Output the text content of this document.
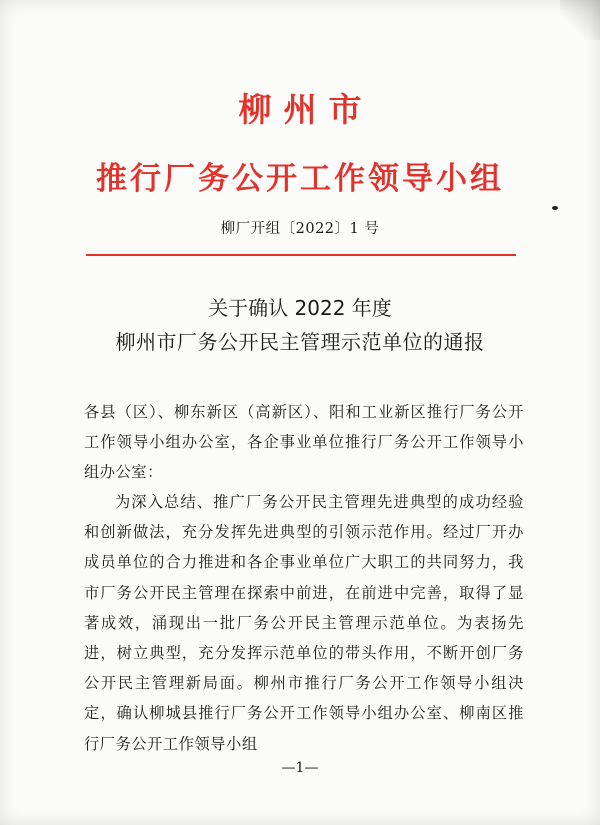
柳州市
推行厂务公开工作领导小组
柳厂开组〔2022〕1 号
关于确认 2022 年度
柳州市厂务公开民主管理示范单位的通报
各县（区）、柳东新区（高新区）、阳和工业新区推行厂务公开工作领导小组办公室，各企事业单位推行厂务公开工作领导小组办公室：
为深入总结、推广厂务公开民主管理先进典型的成功经验和创新做法，充分发挥先进典型的引领示范作用。经过厂开办成员单位的合力推进和各企事业单位广大职工的共同努力，我市厂务公开民主管理在探索中前进，在前进中完善，取得了显著成效，涌现出一批厂务公开民主管理示范单位。为表扬先进，树立典型，充分发挥示范单位的带头作用，不断开创厂务公开民主管理新局面。柳州市推行厂务公开工作领导小组决定，确认柳城县推行厂务公开工作领导小组办公室、柳南区推行厂务公开工作领导小组
—1—
